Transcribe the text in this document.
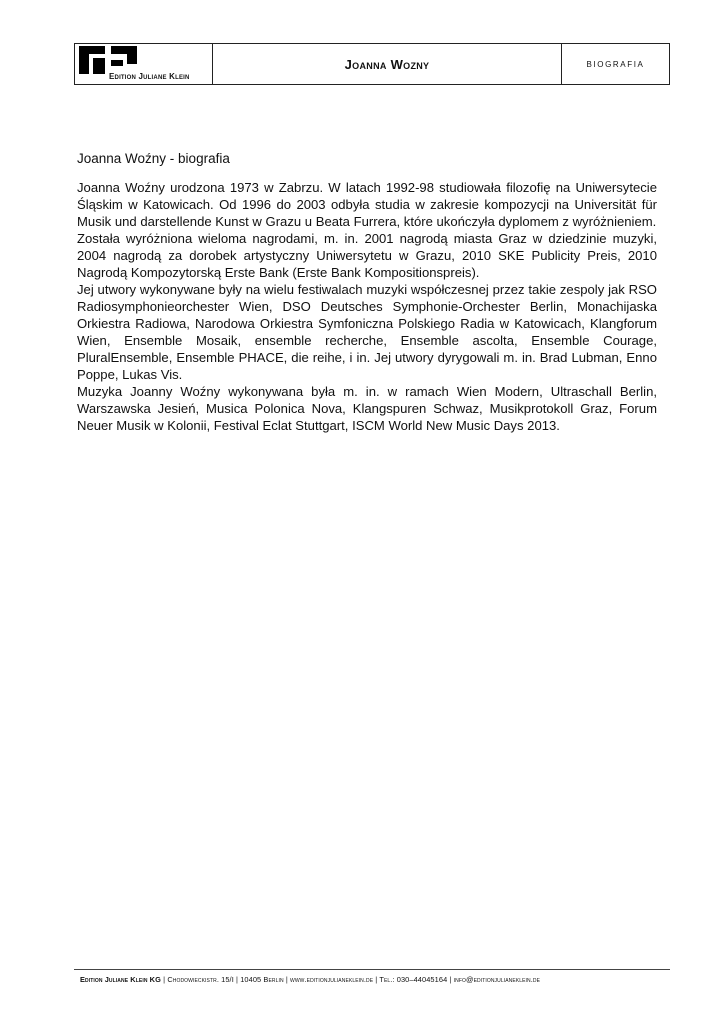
Edition Juliane Klein
Joanna Wozny	BIOGRAFIA
Joanna Woźny - biografia

Joanna Woźny urodzona 1973 w Zabrzu. W latach 1992-98 studiowała filozofię na Uniwersytecie Śląskim w Katowicach. Od 1996 do 2003 odbyła studia w zakresie kompozycji na Universität für Musik und darstellende Kunst w Grazu u Beata Furrera, które ukończyła dyplomem z wyróżnieniem.

Została wyróżniona wieloma nagrodami, m. in. 2001 nagrodą miasta Graz w dziedzinie muzyki, 2004 nagrodą za dorobek artystyczny Uniwersytetu w Grazu, 2010 SKE Publicity Preis, 2010 Nagrodą Kompozytorską Erste Bank (Erste Bank Kompositionspreis).

Jej utwory wykonywane były na wielu festiwalach muzyki współczesnej przez takie zespoly jak RSO Radiosymphonieorchester Wien, DSO Deutsches Symphonie-Orchester Berlin, Monachijaska Orkiestra Radiowa, Narodowa Orkiestra Symfoniczna Polskiego Radia w Katowicach, Klangforum Wien, Ensemble Mosaik, ensemble recherche, Ensemble ascolta, Ensemble Courage, PluralEnsemble, Ensemble PHACE, die reihe, i in. Jej utwory dyrygowali m. in. Brad Lubman, Enno Poppe, Lukas Vis.

Muzyka Joanny Woźny wykonywana była m. in. w ramach Wien Modern, Ultraschall Berlin, Warszawska Jesień, Musica Polonica Nova, Klangspuren Schwaz, Musikprotokoll Graz, Forum Neuer Musik w Kolonii, Festival Eclat Stuttgart, ISCM World New Music Days 2013.

Edition Juliane Klein KG | Chodowieckistr. 15/I | 10405 Berlin | www.editionjulianeklein.de | Tel.: 030–44045164 | info@editionjulianeklein.de
